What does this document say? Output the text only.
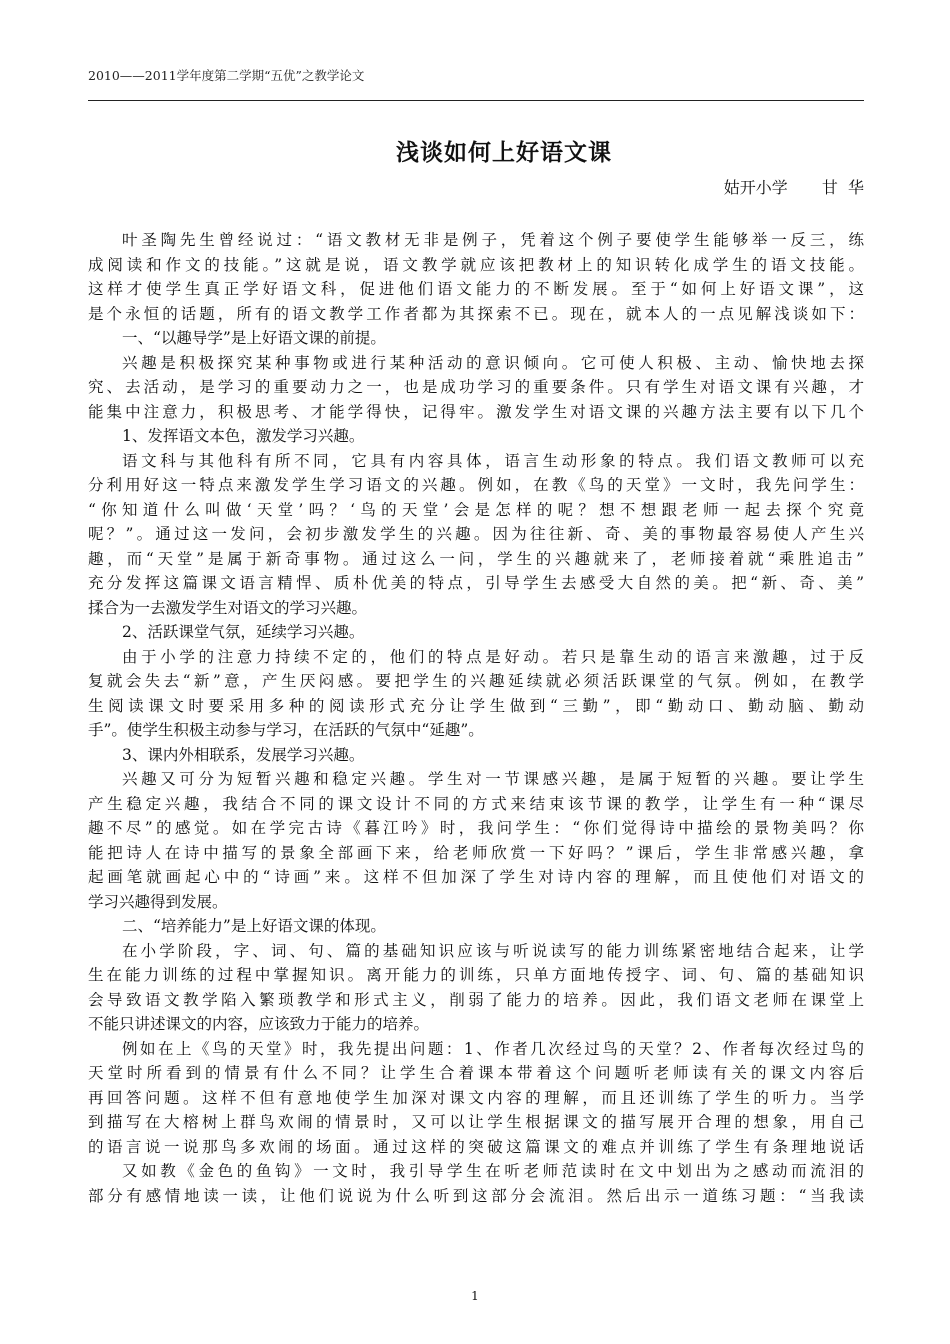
2010——2011学年度第二学期“五优”之教学论文
浅谈如何上好语文课
姑开小学 甘  华
叶圣陶先生曾经说过：“语文教材无非是例子，凭着这个例子要使学生能够举一反三，练
成阅读和作文的技能。”这就是说，语文教学就应该把教材上的知识转化成学生的语文技能。
这样才使学生真正学好语文科，促进他们语文能力的不断发展。至于“如何上好语文课”，这
是个永恒的话题，所有的语文教学工作者都为其探索不已。现在，就本人的一点见解浅谈如下：
一、“以趣导学”是上好语文课的前提。
兴趣是积极探究某种事物或进行某种活动的意识倾向。它可使人积极、主动、愉快地去探
究、去活动，是学习的重要动力之一，也是成功学习的重要条件。只有学生对语文课有兴趣，才
能集中注意力，积极思考、才能学得快，记得牢。激发学生对语文课的兴趣方法主要有以下几个
1、发挥语文本色，激发学习兴趣。
语文科与其他科有所不同，它具有内容具体，语言生动形象的特点。我们语文教师可以充
分利用好这一特点来激发学生学习语文的兴趣。例如，在教《鸟的天堂》一文时，我先问学生：
“你知道什么叫做‘天堂’吗？‘鸟的天堂’会是怎样的呢？想不想跟老师一起去探个究竟
呢？”。通过这一发问，会初步激发学生的兴趣。因为往往新、奇、美的事物最容易使人产生兴
趣，而“天堂”是属于新奇事物。通过这么一问，学生的兴趣就来了，老师接着就“乘胜追击”
充分发挥这篇课文语言精悍、质朴优美的特点，引导学生去感受大自然的美。把“新、奇、美”
揉合为一去激发学生对语文的学习兴趣。
2、活跃课堂气氛，延续学习兴趣。
由于小学的注意力持续不定的，他们的特点是好动。若只是靠生动的语言来激趣，过于反
复就会失去“新”意，产生厌闷感。要把学生的兴趣延续就必须活跃课堂的气氛。例如，在教学
生阅读课文时要采用多种的阅读形式充分让学生做到“三勤”，即“勤动口、勤动脑、勤动
手”。使学生积极主动参与学习，在活跃的气氛中“延趣”。
3、课内外相联系，发展学习兴趣。
兴趣又可分为短暂兴趣和稳定兴趣。学生对一节课感兴趣，是属于短暂的兴趣。要让学生
产生稳定兴趣，我结合不同的课文设计不同的方式来结束该节课的教学，让学生有一种“课尽
趣不尽”的感觉。如在学完古诗《暮江吟》时，我问学生：“你们觉得诗中描绘的景物美吗？你
能把诗人在诗中描写的景象全部画下来，给老师欣赏一下好吗？”课后，学生非常感兴趣，拿
起画笔就画起心中的“诗画”来。这样不但加深了学生对诗内容的理解，而且使他们对语文的
学习兴趣得到发展。
二、“培养能力”是上好语文课的体现。
在小学阶段，字、词、句、篇的基础知识应该与听说读写的能力训练紧密地结合起来，让学
生在能力训练的过程中掌握知识。离开能力的训练，只单方面地传授字、词、句、篇的基础知识
会导致语文教学陷入繁琐教学和形式主义，削弱了能力的培养。因此，我们语文老师在课堂上
不能只讲述课文的内容，应该致力于能力的培养。
例如在上《鸟的天堂》时，我先提出问题：1、作者几次经过鸟的天堂？2、作者每次经过鸟的
天堂时所看到的情景有什么不同？让学生合着课本带着这个问题听老师读有关的课文内容后
再回答问题。这样不但有意地使学生加深对课文内容的理解，而且还训练了学生的听力。当学
到描写在大榕树上群鸟欢闹的情景时，又可以让学生根据课文的描写展开合理的想象，用自己
的语言说一说那鸟多欢闹的场面。通过这样的突破这篇课文的难点并训练了学生有条理地说话
又如教《金色的鱼钩》一文时，我引导学生在听老师范读时在文中划出为之感动而流泪的
部分有感情地读一读，让他们说说为什么听到这部分会流泪。然后出示一道练习题：“当我读
1
